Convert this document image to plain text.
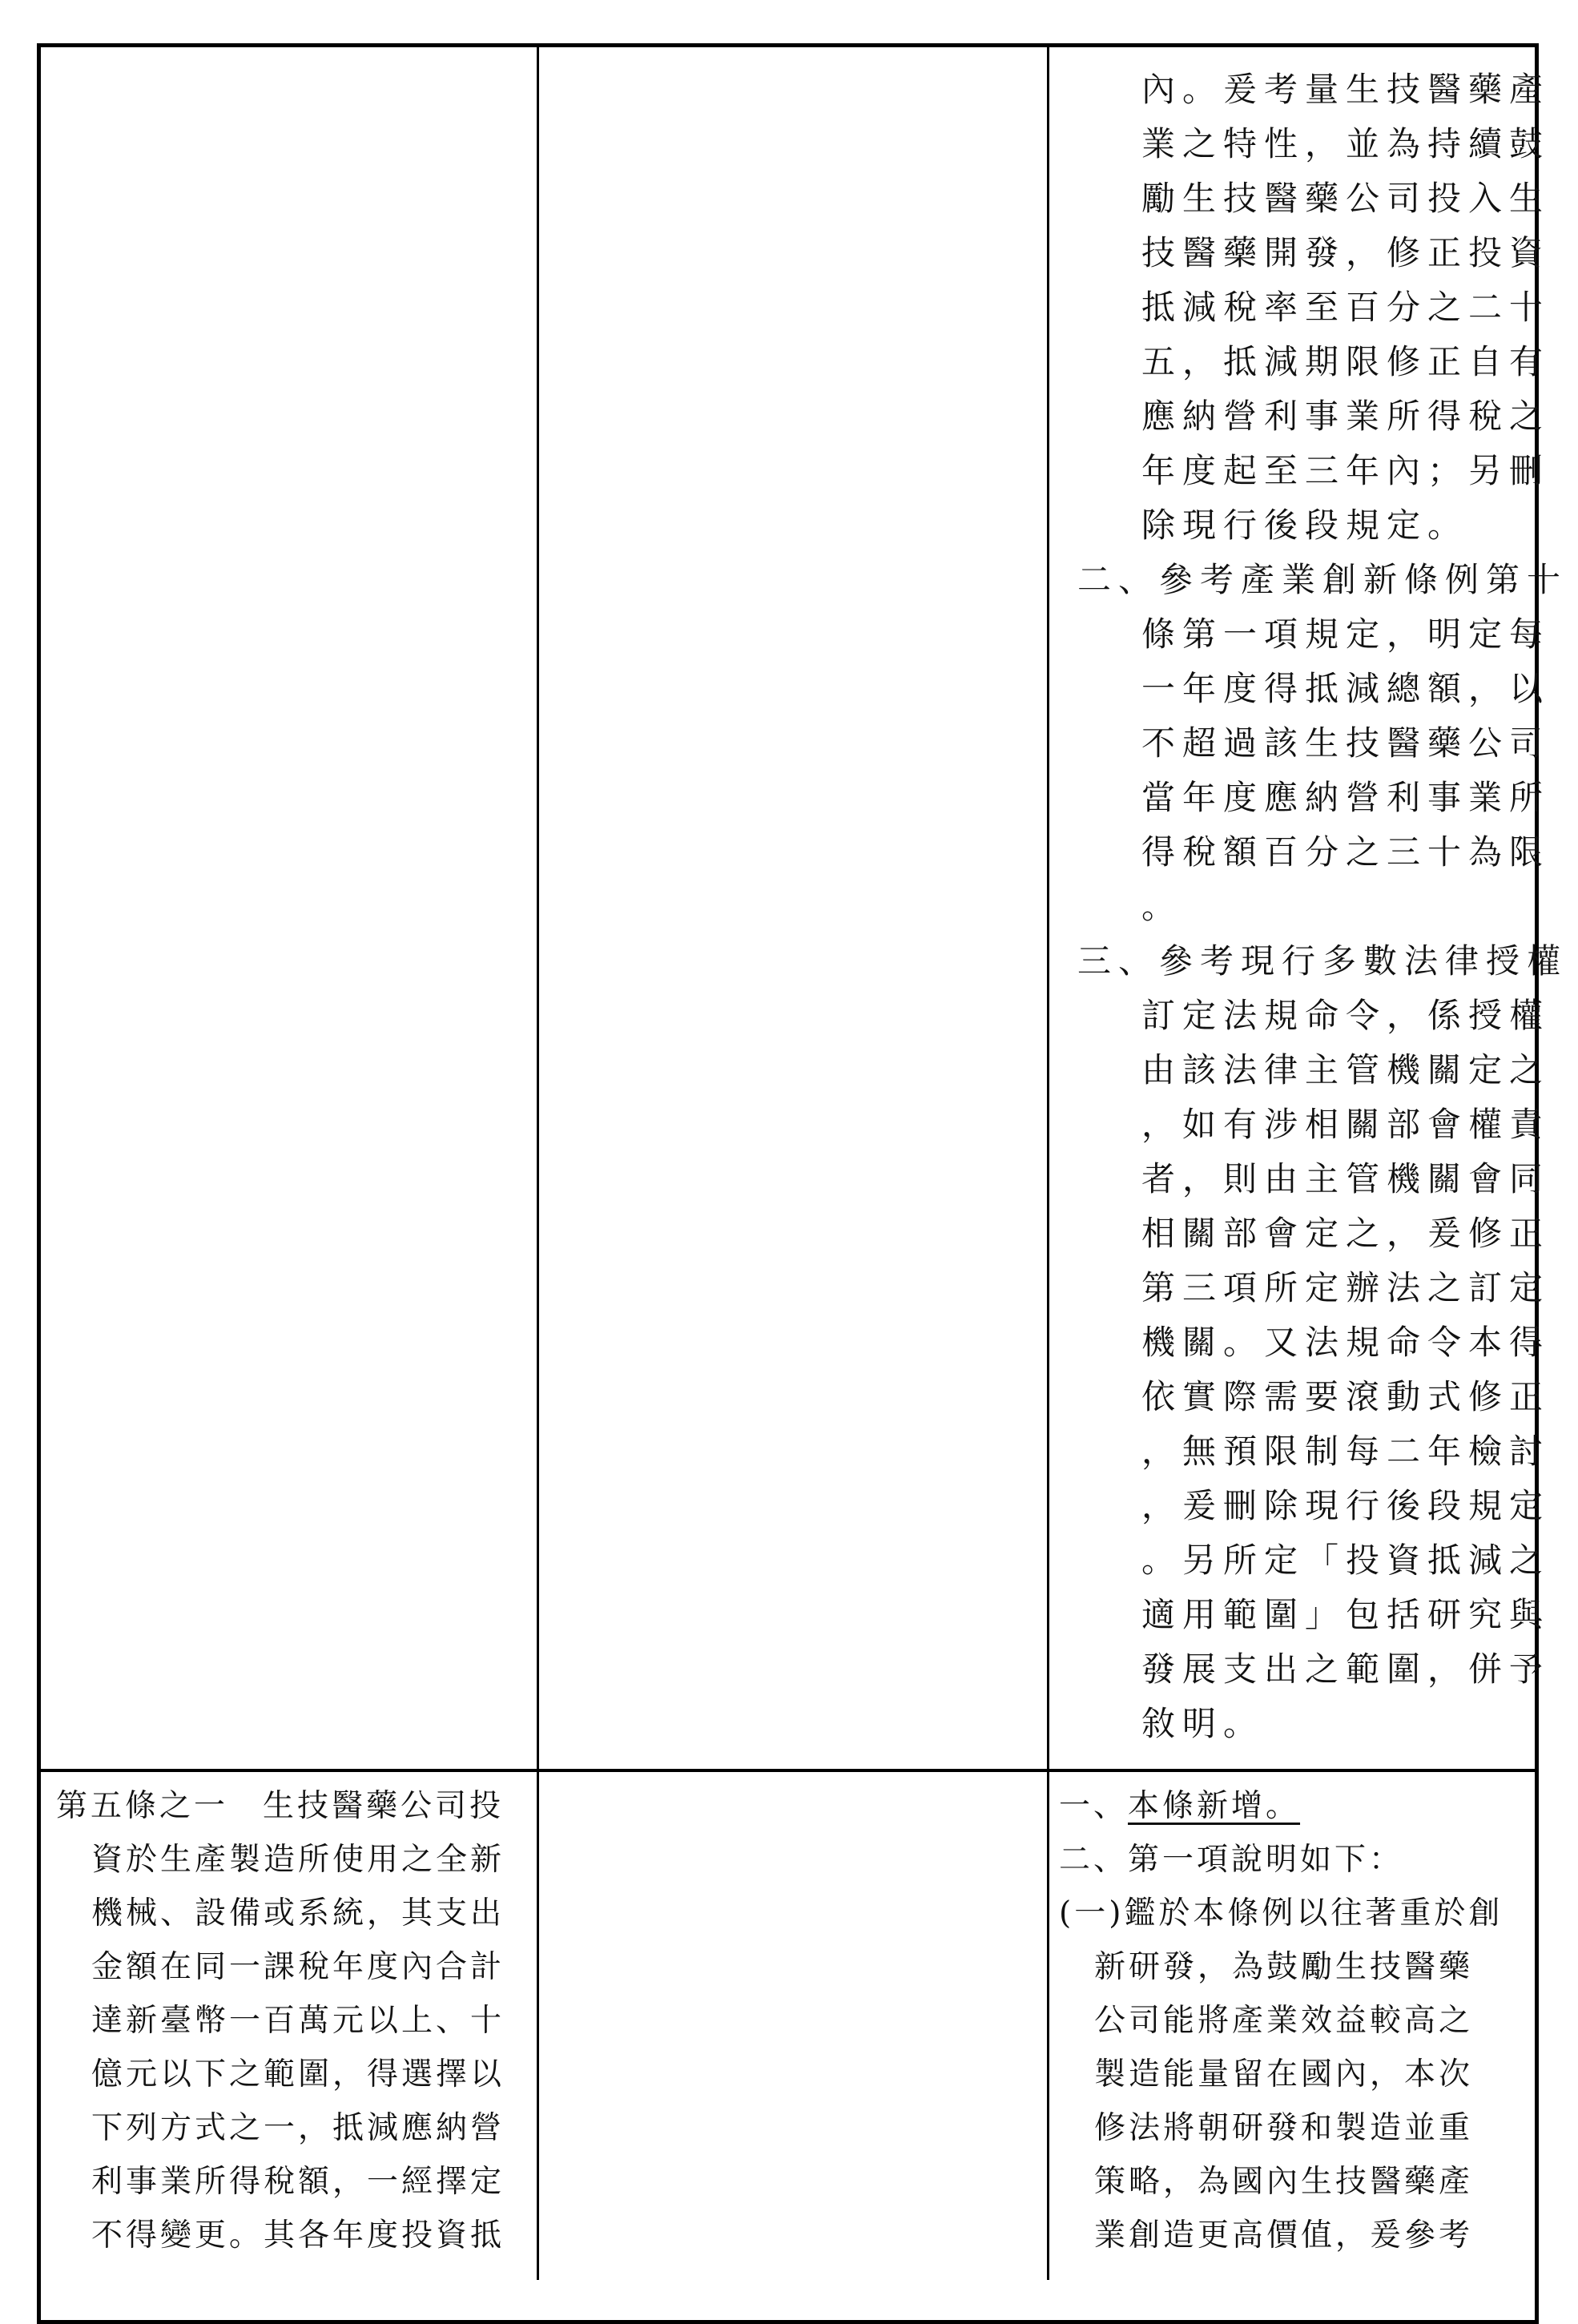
內。爰考量生技醫藥產
業之特性，並為持續鼓
勵生技醫藥公司投入生
技醫藥開發，修正投資
抵減稅率至百分之二十
五，抵減期限修正自有
應納營利事業所得稅之
年度起至三年內；另刪
除現行後段規定。
二、參考產業創新條例第十
條第一項規定，明定每
一年度得抵減總額，以
不超過該生技醫藥公司
當年度應納營利事業所
得稅額百分之三十為限
。
三、參考現行多數法律授權
訂定法規命令，係授權
由該法律主管機關定之
，如有涉相關部會權責
者，則由主管機關會同
相關部會定之，爰修正
第三項所定辦法之訂定
機關。又法規命令本得
依實際需要滾動式修正
，無預限制每二年檢討
，爰刪除現行後段規定
。另所定「投資抵減之
適用範圍」包括研究與
發展支出之範圍，併予
敘明。
第五條之一　生技醫藥公司投
資於生產製造所使用之全新
機械、設備或系統，其支出
金額在同一課稅年度內合計
達新臺幣一百萬元以上、十
億元以下之範圍，得選擇以
下列方式之一，抵減應納營
利事業所得稅額，一經擇定
不得變更。其各年度投資抵
一、本條新增。
二、第一項說明如下：
(一)鑑於本條例以往著重於創
新研發，為鼓勵生技醫藥
公司能將產業效益較高之
製造能量留在國內，本次
修法將朝研發和製造並重
策略，為國內生技醫藥產
業創造更高價值，爰參考
